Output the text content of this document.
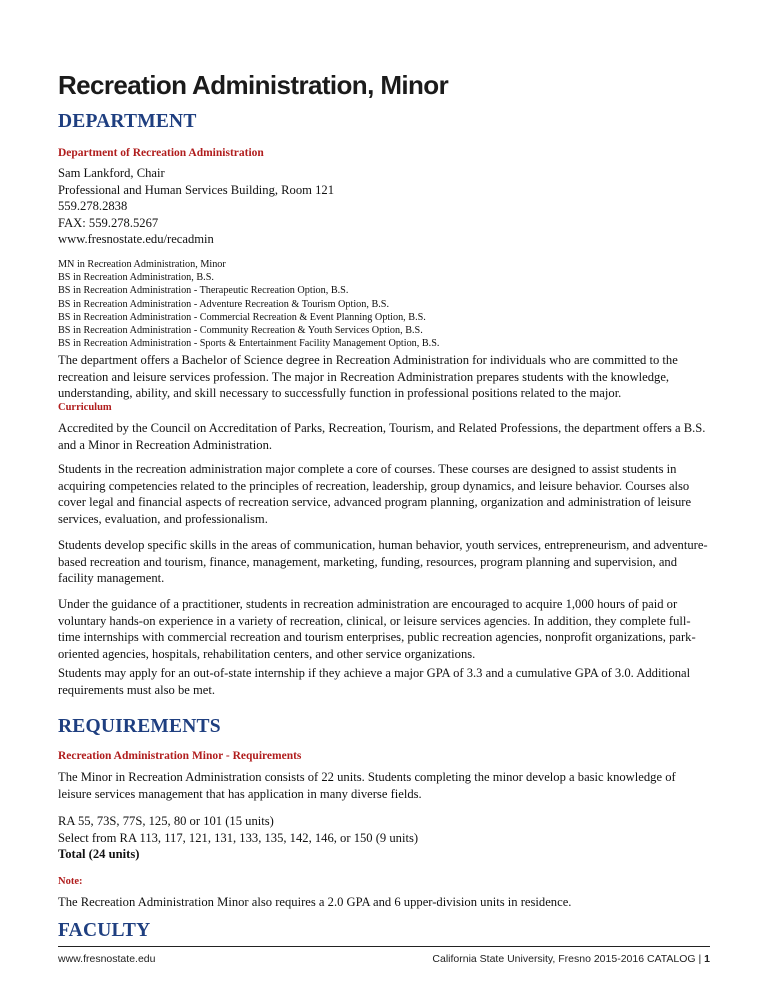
Recreation Administration, Minor
DEPARTMENT
Department of Recreation Administration
Sam Lankford, Chair
Professional and Human Services Building, Room 121
559.278.2838
FAX: 559.278.5267
www.fresnostate.edu/recadmin
MN in Recreation Administration, Minor
BS in Recreation Administration, B.S.
BS in Recreation Administration - Therapeutic Recreation Option, B.S.
BS in Recreation Administration - Adventure Recreation & Tourism Option, B.S.
BS in Recreation Administration - Commercial Recreation & Event Planning Option, B.S.
BS in Recreation Administration - Community Recreation & Youth Services Option, B.S.
BS in Recreation Administration - Sports & Entertainment Facility Management Option, B.S.

The department offers a Bachelor of Science degree in Recreation Administration for individuals who are committed to the recreation and leisure services profession. The major in Recreation Administration prepares students with the knowledge, understanding, ability, and skill necessary to successfully function in professional positions related to the major.

Curriculum

Accredited by the Council on Accreditation of Parks, Recreation, Tourism, and Related Professions, the department offers a B.S. and a Minor in Recreation Administration.

Students in the recreation administration major complete a core of courses. These courses are designed to assist students in acquiring competencies related to the principles of recreation, leadership, group dynamics, and leisure behavior. Courses also cover legal and financial aspects of recreation service, advanced program planning, organization and administration of leisure services, evaluation, and professionalism.

Students develop specific skills in the areas of communication, human behavior, youth services, entrepreneurism, and adventure-based recreation and tourism, finance, management, marketing, funding, resources, program planning and supervision, and facility management.

Under the guidance of a practitioner, students in recreation administration are encouraged to acquire 1,000 hours of paid or voluntary hands-on experience in a variety of recreation, clinical, or leisure services agencies. In addition, they complete full-time internships with commercial recreation and tourism enterprises, public recreation agencies, nonprofit organizations, park-oriented agencies, hospitals, rehabilitation centers, and other service organizations.

Students may apply for an out-of-state internship if they achieve a major GPA of 3.3 and a cumulative GPA of 3.0. Additional requirements must also be met.

REQUIREMENTS
Recreation Administration Minor - Requirements

The Minor in Recreation Administration consists of 22 units. Students completing the minor develop a basic knowledge of leisure services management that has application in many diverse fields.

RA 55, 73S, 77S, 125, 80 or 101 (15 units)
Select from RA 113, 117, 121, 131, 133, 135, 142, 146, or 150 (9 units)
Total (24 units)
Note:

The Recreation Administration Minor also requires a 2.0 GPA and 6 upper-division units in residence.

FACULTY
www.fresnostate.edu	California State University, Fresno 2015-2016 CATALOG | 1
